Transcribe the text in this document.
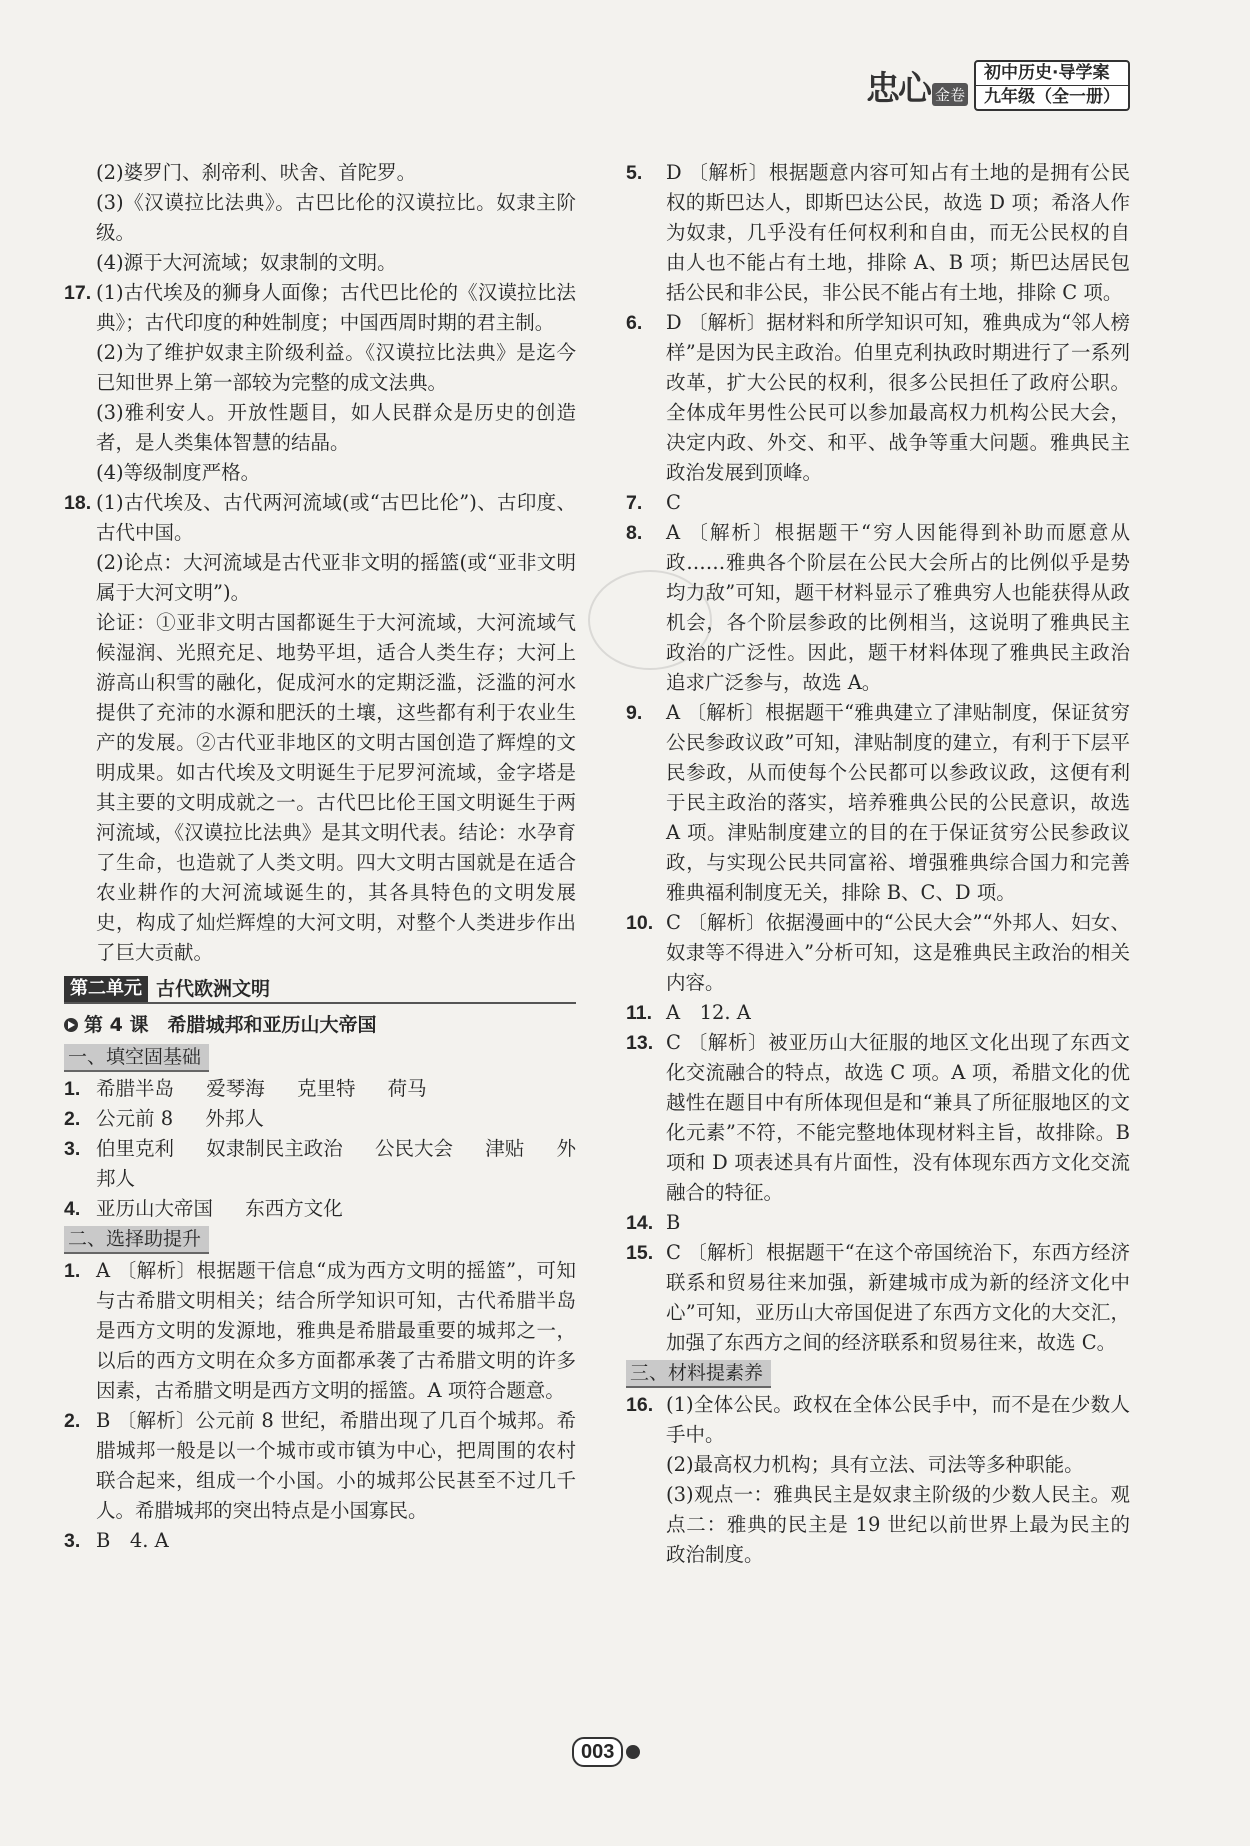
忠心 金卷
初中历史·导学案
九年级（全一册）
(2)婆罗门、刹帝利、吠舍、首陀罗。
(3)《汉谟拉比法典》。古巴比伦的汉谟拉比。奴隶主阶级。
(4)源于大河流域；奴隶制的文明。
17. (1)古代埃及的狮身人面像；古代巴比伦的《汉谟拉比法典》；古代印度的种姓制度；中国西周时期的君主制。
(2)为了维护奴隶主阶级利益。《汉谟拉比法典》是迄今已知世界上第一部较为完整的成文法典。
(3)雅利安人。开放性题目，如人民群众是历史的创造者，是人类集体智慧的结晶。
(4)等级制度严格。
18. (1)古代埃及、古代两河流域(或“古巴比伦”)、古印度、古代中国。
(2)论点：大河流域是古代亚非文明的摇篮(或“亚非文明属于大河文明”)。
论证：①亚非文明古国都诞生于大河流域，大河流域气候湿润、光照充足、地势平坦，适合人类生存；大河上游高山积雪的融化，促成河水的定期泛滥，泛滥的河水提供了充沛的水源和肥沃的土壤，这些都有利于农业生产的发展。②古代亚非地区的文明古国创造了辉煌的文明成果。如古代埃及文明诞生于尼罗河流域，金字塔是其主要的文明成就之一。古代巴比伦王国文明诞生于两河流域，《汉谟拉比法典》是其文明代表。结论：水孕育了生命，也造就了人类文明。四大文明古国就是在适合农业耕作的大河流域诞生的，其各具特色的文明发展史，构成了灿烂辉煌的大河文明，对整个人类进步作出了巨大贡献。
第二单元 古代欧洲文明
第 4 课　希腊城邦和亚历山大帝国
一、填空固基础
1. 希腊半岛 爱琴海 克里特 荷马
2. 公元前 8 外邦人
3. 伯里克利 奴隶制民主政治 公民大会 津贴 外邦人
4. 亚历山大帝国 东西方文化
二、选择助提升
1. A 〔解析〕根据题干信息“成为西方文明的摇篮”，可知与古希腊文明相关；结合所学知识可知，古代希腊半岛是西方文明的发源地，雅典是希腊最重要的城邦之一，以后的西方文明在众多方面都承袭了古希腊文明的许多因素，古希腊文明是西方文明的摇篮。A 项符合题意。
2. B 〔解析〕公元前 8 世纪，希腊出现了几百个城邦。希腊城邦一般是以一个城市或市镇为中心，把周围的农村联合起来，组成一个小国。小的城邦公民甚至不过几千人。希腊城邦的突出特点是小国寡民。
3. B　4. A
5.	D 〔解析〕根据题意内容可知占有土地的是拥有公民权的斯巴达人，即斯巴达公民，故选 D 项；希洛人作为奴隶，几乎没有任何权利和自由，而无公民权的自由人也不能占有土地，排除 A、B 项；斯巴达居民包括公民和非公民，非公民不能占有土地，排除 C 项。
6.	D 〔解析〕据材料和所学知识可知，雅典成为“邻人榜样”是因为民主政治。伯里克利执政时期进行了一系列改革，扩大公民的权利，很多公民担任了政府公职。全体成年男性公民可以参加最高权力机构公民大会，决定内政、外交、和平、战争等重大问题。雅典民主政治发展到顶峰。
7.	C
8.	A 〔解析〕根据题干“穷人因能得到补助而愿意从政……雅典各个阶层在公民大会所占的比例似乎是势均力敌”可知，题干材料显示了雅典穷人也能获得从政机会，各个阶层参政的比例相当，这说明了雅典民主政治的广泛性。因此，题干材料体现了雅典民主政治追求广泛参与，故选 A。
9.	A 〔解析〕根据题干“雅典建立了津贴制度，保证贫穷公民参政议政”可知，津贴制度的建立，有利于下层平民参政，从而使每个公民都可以参政议政，这便有利于民主政治的落实，培养雅典公民的公民意识，故选 A 项。津贴制度建立的目的在于保证贫穷公民参政议政，与实现公民共同富裕、增强雅典综合国力和完善雅典福利制度无关，排除 B、C、D 项。
10. C 〔解析〕依据漫画中的“公民大会”“外邦人、妇女、奴隶等不得进入”分析可知，这是雅典民主政治的相关内容。
11. A　12. A
13. C 〔解析〕被亚历山大征服的地区文化出现了东西文化交流融合的特点，故选 C 项。A 项，希腊文化的优越性在题目中有所体现但是和“兼具了所征服地区的文化元素”不符，不能完整地体现材料主旨，故排除。B 项和 D 项表述具有片面性，没有体现东西方文化交流融合的特征。
14. B
15. C 〔解析〕根据题干“在这个帝国统治下，东西方经济联系和贸易往来加强，新建城市成为新的经济文化中心”可知，亚历山大帝国促进了东西方文化的大交汇，加强了东西方之间的经济联系和贸易往来，故选 C。
三、材料提素养
16. (1)全体公民。政权在全体公民手中，而不是在少数人手中。
(2)最高权力机构；具有立法、司法等多种职能。
(3)观点一：雅典民主是奴隶主阶级的少数人民主。观点二：雅典的民主是 19 世纪以前世界上最为民主的政治制度。
003
